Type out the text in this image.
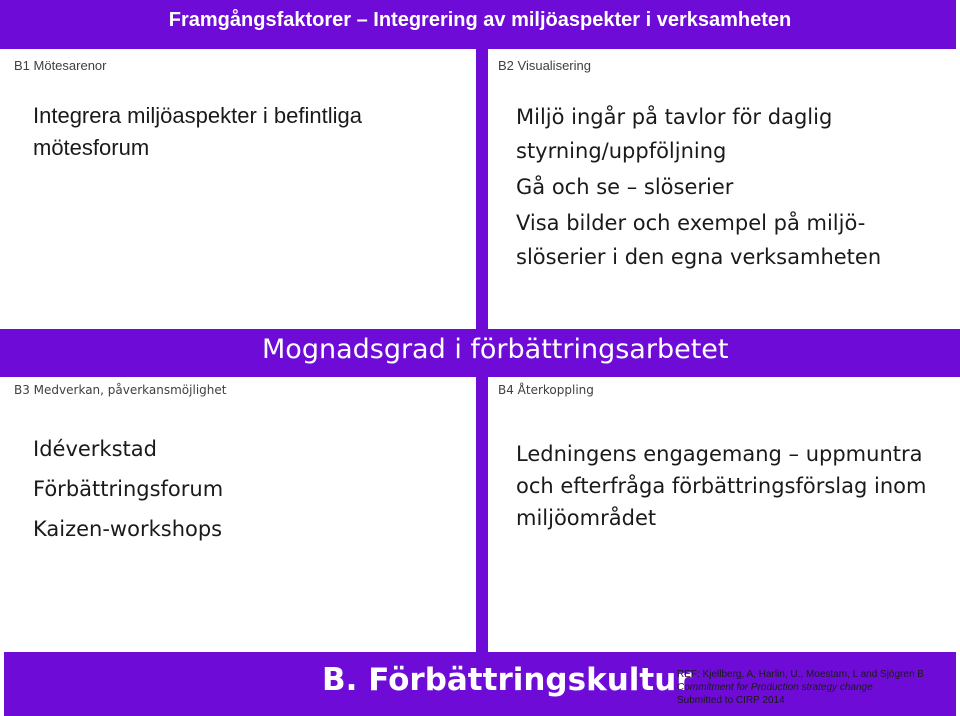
Framgångsfaktorer – Integrering av miljöaspekter i verksamheten
Mognadsgrad i förbättringsarbetet
B1 Mötesarenor
Integrera miljöaspekter i befintliga
mötesforum
B2 Visualisering
Miljö ingår på tavlor för daglig
styrning/uppföljning
Gå och se – slöserier
Visa bilder och exempel på miljö-
slöserier i den egna verksamheten
B3 Medverkan, påverkansmöjlighet
Idéverkstad
Förbättringsforum
Kaizen-workshops
B4 Återkoppling
Ledningens engagemang – uppmuntra
och efterfråga förbättringsförslag inom
miljöområdet
B. Förbättringskultur
REF: Kjellberg, A, Harlin, U., Moestam, L and Sjögren B
Commitment for Production strategy change
Submitted to CIRP 2014
